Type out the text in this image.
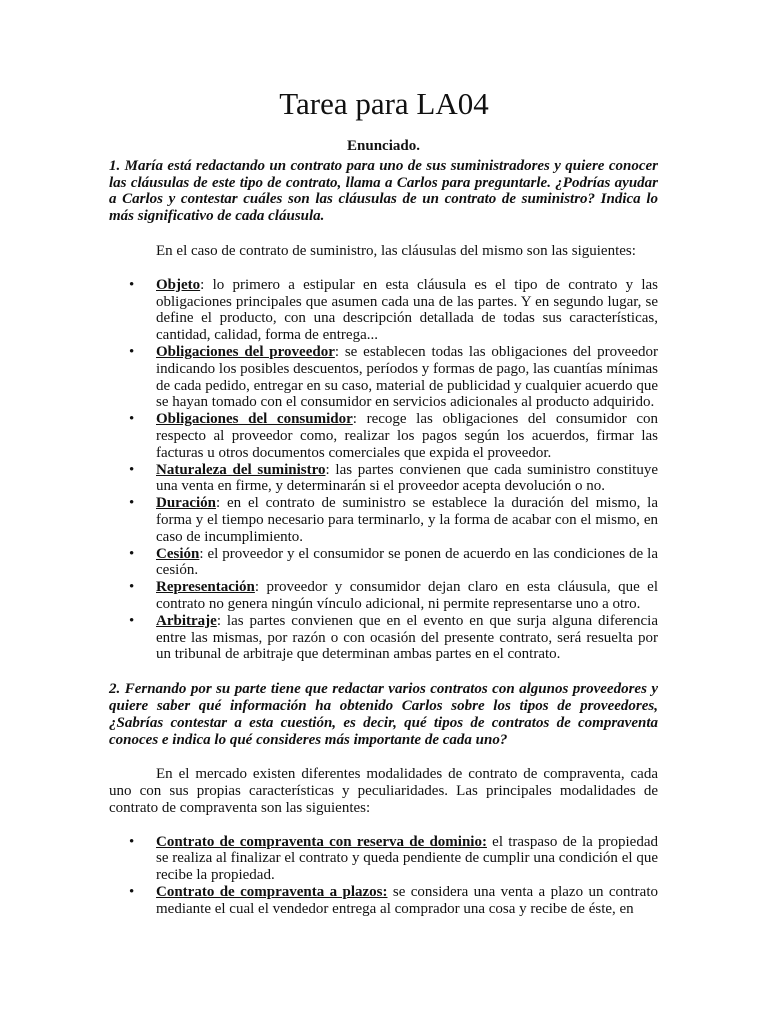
Tarea para LA04

Enunciado.

1. María está redactando un contrato para uno de sus suministradores y quiere conocer las cláusulas de este tipo de contrato, llama a Carlos para preguntarle. ¿Podrías ayudar a Carlos y contestar cuáles son las cláusulas de un contrato de suministro? Indica lo más significativo de cada cláusula.

En el caso de contrato de suministro, las cláusulas del mismo son las siguientes:

• Objeto: lo primero a estipular en esta cláusula es el tipo de contrato y las obligaciones principales que asumen cada una de las partes. Y en segundo lugar, se define el producto, con una descripción detallada de todas sus características, cantidad, calidad, forma de entrega...
• Obligaciones del proveedor: se establecen todas las obligaciones del proveedor indicando los posibles descuentos, períodos y formas de pago, las cuantías mínimas de cada pedido, entregar en su caso, material de publicidad y cualquier acuerdo que se hayan tomado con el consumidor en servicios adicionales al producto adquirido.
• Obligaciones del consumidor: recoge las obligaciones del consumidor con respecto al proveedor como, realizar los pagos según los acuerdos, firmar las facturas u otros documentos comerciales que expida el proveedor.
• Naturaleza del suministro: las partes convienen que cada suministro constituye una venta en firme, y determinarán si el proveedor acepta devolución o no.
• Duración: en el contrato de suministro se establece la duración del mismo, la forma y el tiempo necesario para terminarlo, y la forma de acabar con el mismo, en caso de incumplimiento.
• Cesión: el proveedor y el consumidor se ponen de acuerdo en las condiciones de la cesión.
• Representación: proveedor y consumidor dejan claro en esta cláusula, que el contrato no genera ningún vínculo adicional, ni permite representarse uno a otro.
• Arbitraje: las partes convienen que en el evento en que surja alguna diferencia entre las mismas, por razón o con ocasión del presente contrato, será resuelta por un tribunal de arbitraje que determinan ambas partes en el contrato.

2. Fernando por su parte tiene que redactar varios contratos con algunos proveedores y quiere saber qué información ha obtenido Carlos sobre los tipos de proveedores, ¿Sabrías contestar a esta cuestión, es decir, qué tipos de contratos de compraventa conoces e indica lo qué consideres más importante de cada uno?

En el mercado existen diferentes modalidades de contrato de compraventa, cada uno con sus propias características y peculiaridades. Las principales modalidades de contrato de compraventa son las siguientes:

• Contrato de compraventa con reserva de dominio: el traspaso de la propiedad se realiza al finalizar el contrato y queda pendiente de cumplir una condición el que recibe la propiedad.
• Contrato de compraventa a plazos: se considera una venta a plazo un contrato mediante el cual el vendedor entrega al comprador una cosa y recibe de éste, en
